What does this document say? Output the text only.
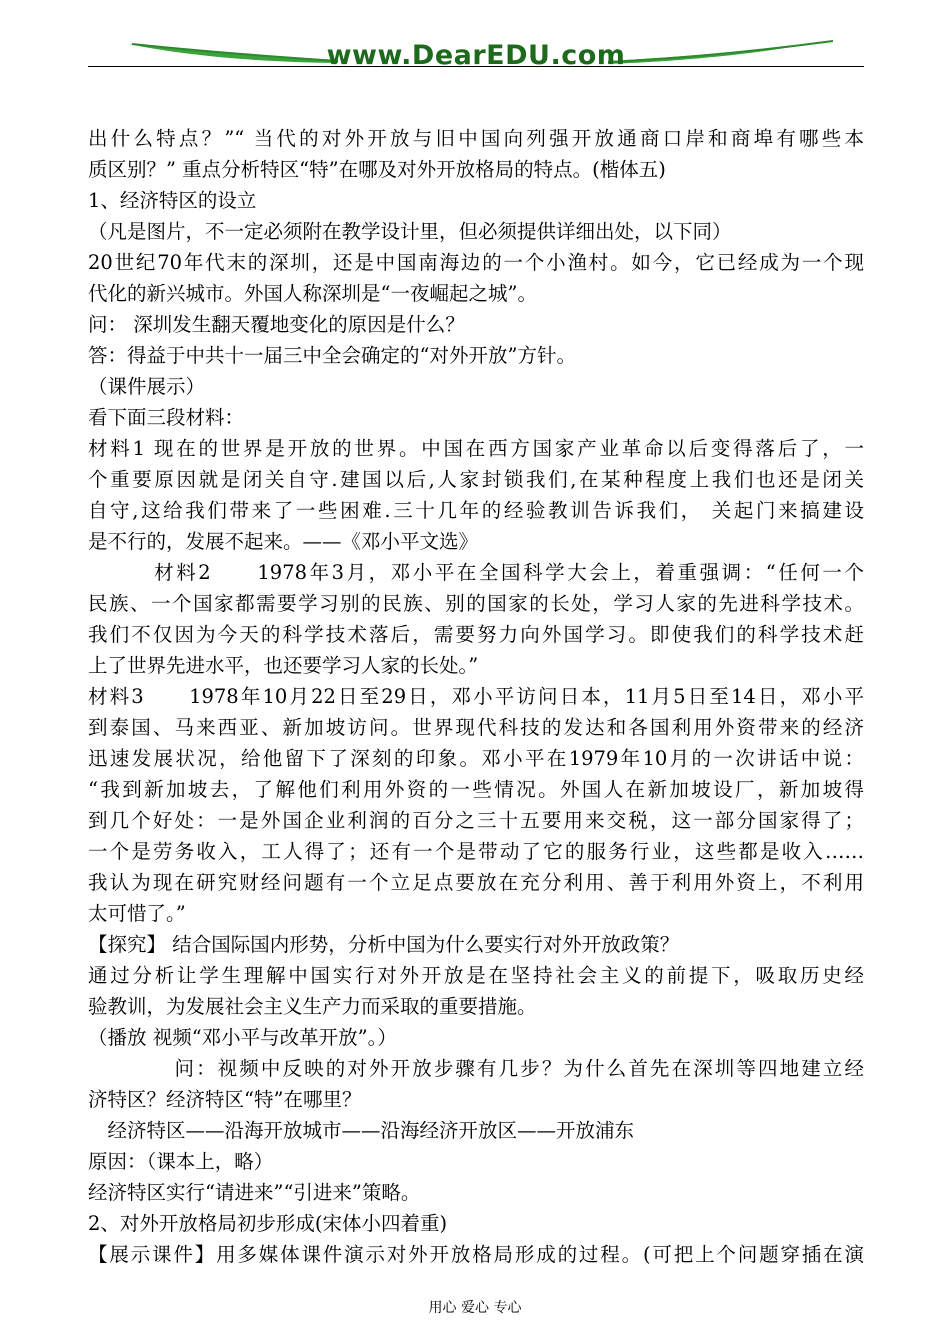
www.DearEDU.com
出什么特点？”“ 当代的对外开放与旧中国向列强开放通商口岸和商埠有哪些本
质区别？” 重点分析特区“特”在哪及对外开放格局的特点。(楷体五)
1、经济特区的设立
（凡是图片，不一定必须附在教学设计里，但必须提供详细出处，以下同）
20世纪70年代末的深圳，还是中国南海边的一个小渔村。如今，它已经成为一个现
代化的新兴城市。外国人称深圳是“一夜崛起之城”。
问： 深圳发生翻天覆地变化的原因是什么？
答：得益于中共十一届三中全会确定的“对外开放”方针。
（课件展示）
看下面三段材料：
材料1 现在的世界是开放的世界。中国在西方国家产业革命以后变得落后了，一
个重要原因就是闭关自守.建国以后,人家封锁我们,在某种程度上我们也还是闭关
自守,这给我们带来了一些困难.三十几年的经验教训告诉我们， 关起门来搞建设
是不行的，发展不起来。——《邓小平文选》
　　　材料2　　1978年3月，邓小平在全国科学大会上，着重强调：“任何一个
民族、一个国家都需要学习别的民族、别的国家的长处，学习人家的先进科学技术。
我们不仅因为今天的科学技术落后，需要努力向外国学习。即使我们的科学技术赶
上了世界先进水平，也还要学习人家的长处。”
材料3　　1978年10月22日至29日，邓小平访问日本，11月5日至14日，邓小平
到泰国、马来西亚、新加坡访问。世界现代科技的发达和各国利用外资带来的经济
迅速发展状况，给他留下了深刻的印象。邓小平在1979年10月的一次讲话中说：
“我到新加坡去，了解他们利用外资的一些情况。外国人在新加坡设厂，新加坡得
到几个好处：一是外国企业利润的百分之三十五要用来交税，这一部分国家得了；
一个是劳务收入，工人得了；还有一个是带动了它的服务行业，这些都是收入……
我认为现在研究财经问题有一个立足点要放在充分利用、善于利用外资上，不利用
太可惜了。”
【探究】 结合国际国内形势，分析中国为什么要实行对外开放政策？
通过分析让学生理解中国实行对外开放是在坚持社会主义的前提下，吸取历史经
验教训，为发展社会主义生产力而采取的重要措施。
（播放 视频“邓小平与改革开放”。）
　　　　问：视频中反映的对外开放步骤有几步？为什么首先在深圳等四地建立经
济特区？经济特区“特”在哪里？
　经济特区——沿海开放城市——沿海经济开放区——开放浦东
原因：（课本上，略）
经济特区实行“请进来”“引进来”策略。
2、对外开放格局初步形成(宋体小四着重)
【展示课件】用多媒体课件演示对外开放格局形成的过程。(可把上个问题穿插在演
用心 爱心 专心
